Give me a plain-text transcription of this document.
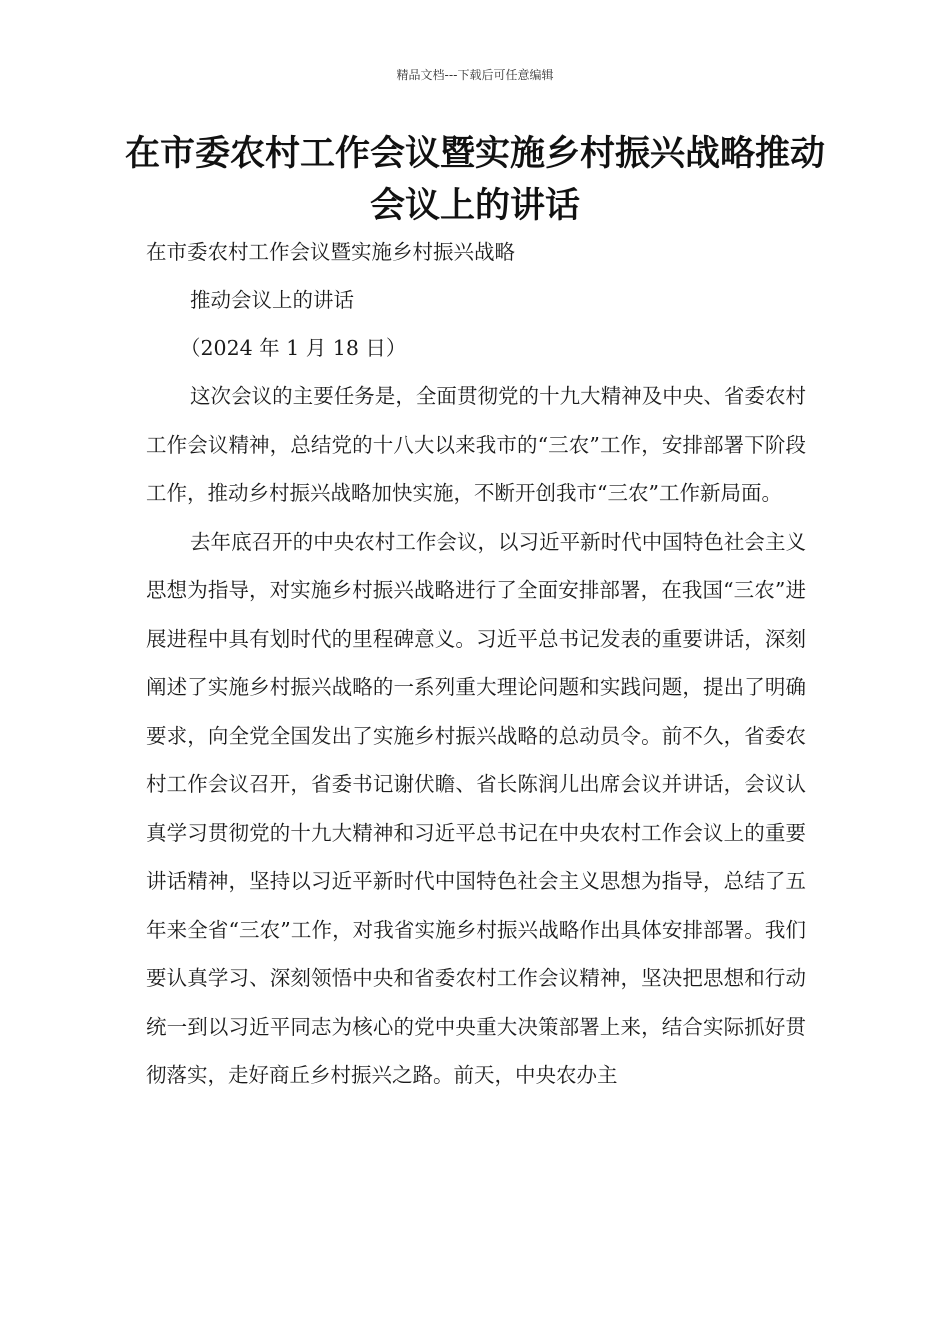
精品文档---下载后可任意编辑
在市委农村工作会议暨实施乡村振兴战略推动会议上的讲话
在市委农村工作会议暨实施乡村振兴战略
推动会议上的讲话
（2024 年 1 月 18 日）

这次会议的主要任务是，全面贯彻党的十九大精神及中央、省委农村工作会议精神，总结党的十八大以来我市的“三农”工作，安排部署下阶段工作，推动乡村振兴战略加快实施，不断开创我市“三农”工作新局面。

去年底召开的中央农村工作会议，以习近平新时代中国特色社会主义思想为指导，对实施乡村振兴战略进行了全面安排部署，在我国“三农”进展进程中具有划时代的里程碑意义。习近平总书记发表的重要讲话，深刻阐述了实施乡村振兴战略的一系列重大理论问题和实践问题，提出了明确要求，向全党全国发出了实施乡村振兴战略的总动员令。前不久，省委农村工作会议召开，省委书记谢伏瞻、省长陈润儿出席会议并讲话，会议认真学习贯彻党的十九大精神和习近平总书记在中央农村工作会议上的重要讲话精神，坚持以习近平新时代中国特色社会主义思想为指导，总结了五年来全省“三农”工作，对我省实施乡村振兴战略作出具体安排部署。我们要认真学习、深刻领悟中央和省委农村工作会议精神，坚决把思想和行动统一到以习近平同志为核心的党中央重大决策部署上来，结合实际抓好贯彻落实，走好商丘乡村振兴之路。前天，中央农办主
